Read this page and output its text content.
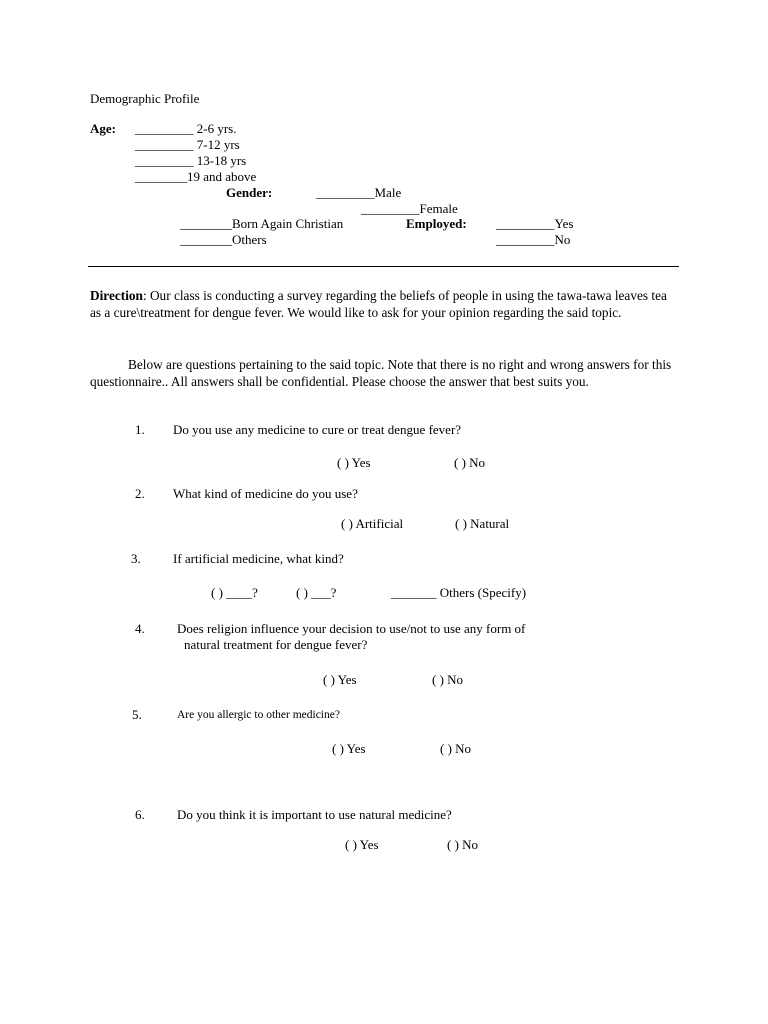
Demographic Profile
Age: _________ 2-6 yrs.
_________ 7-12 yrs
_________ 13-18 yrs
________19 and above
Gender:	_________Male
_________Female
________Born Again Christian
________Others
Employed: _________Yes
_________No
Direction: Our class is conducting a survey regarding the beliefs of people in using the tawa-tawa leaves tea as a cure\treatment for dengue fever. We would like to ask for your opinion regarding the said topic.
Below are questions pertaining to the said topic. Note that there is no right and wrong answers for this questionnaire.. All answers shall be confidential. Please choose the answer that best suits you.
1. Do you use any medicine to cure or treat dengue fever?
( ) Yes	( ) No
2. What kind of medicine do you use?
( ) Artificial	( ) Natural
3. If artificial medicine, what kind?
( ) ____?	( ) ___?	_______ Others (Specify)
4. Does religion influence your decision to use/not to use any form of
natural treatment for dengue fever?
( ) Yes	( ) No
5.	Are you allergic to other medicine?
( ) Yes	( ) No
6. Do you think it is important to use natural medicine?
( ) Yes	( ) No
